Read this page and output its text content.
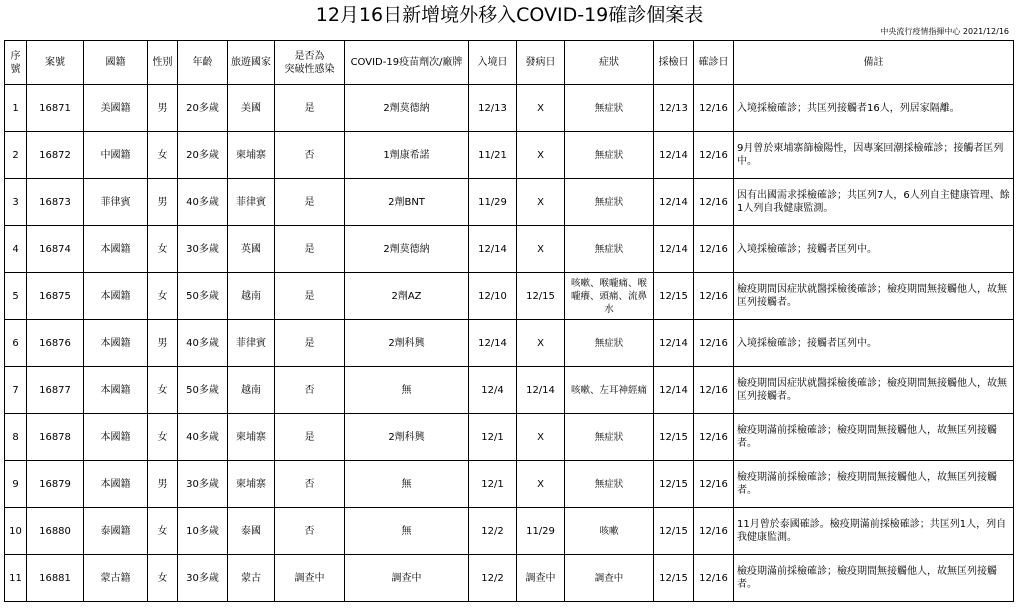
12月16日新增境外移入COVID-19確診個案表
中央流行疫情指揮中心 2021/12/16
序號	案號	國籍	性別	年齡	旅遊國家	是否為
突破性感染	COVID-19疫苗劑次/廠牌	入境日	發病日	症狀	採檢日	確診日	備註
1	16871	美國籍	男	20多歲	美國	是	2劑莫德納	12/13	X	無症狀	12/13	12/16	入境採檢確診；共匡列接觸者16人，列居家隔離。
2	16872	中國籍	女	20多歲	柬埔寨	否	1劑康希諾	11/21	X	無症狀	12/14	12/16	9月曾於柬埔寨篩檢陽性，因專案回潮採檢確診；接觸者匡列中。
3	16873	菲律賓	男	40多歲	菲律賓	是	2劑BNT	11/29	X	無症狀	12/14	12/16	因有出國需求採檢確診；共匡列7人，6人列自主健康管理、餘1人列自我健康監測。
4	16874	本國籍	女	30多歲	英國	是	2劑莫德納	12/14	X	無症狀	12/14	12/16	入境採檢確診；接觸者匡列中。
5	16875	本國籍	女	50多歲	越南	是	2劑AZ	12/10	12/15	咳嗽、喉嚨痛、喉嚨癢、頭痛、流鼻水	12/15	12/16	檢疫期間因症狀就醫採檢後確診；檢疫期間無接觸他人，故無匡列接觸者。
6	16876	本國籍	男	40多歲	菲律賓	是	2劑科興	12/14	X	無症狀	12/14	12/16	入境採檢確診；接觸者匡列中。
7	16877	本國籍	女	50多歲	越南	否	無	12/4	12/14	咳嗽、左耳神經痛	12/14	12/16	檢疫期間因症狀就醫採檢後確診；檢疫期間無接觸他人，故無匡列接觸者。
8	16878	本國籍	女	40多歲	柬埔寨	是	2劑科興	12/1	X	無症狀	12/15	12/16	檢疫期滿前採檢確診；檢疫期間無接觸他人，故無匡列接觸者。
9	16879	本國籍	男	30多歲	柬埔寨	否	無	12/1	X	無症狀	12/15	12/16	檢疫期滿前採檢確診；檢疫期間無接觸他人，故無匡列接觸者。
10	16880	泰國籍	女	10多歲	泰國	否	無	12/2	11/29	咳嗽	12/15	12/16	11月曾於泰國確診。檢疫期滿前採檢確診；共匡列1人，列自我健康監測。
11	16881	蒙古籍	女	30多歲	蒙古	調查中	調查中	12/2	調查中	調查中	12/15	12/16	檢疫期滿前採檢確診；檢疫期間無接觸他人，故無匡列接觸者。
